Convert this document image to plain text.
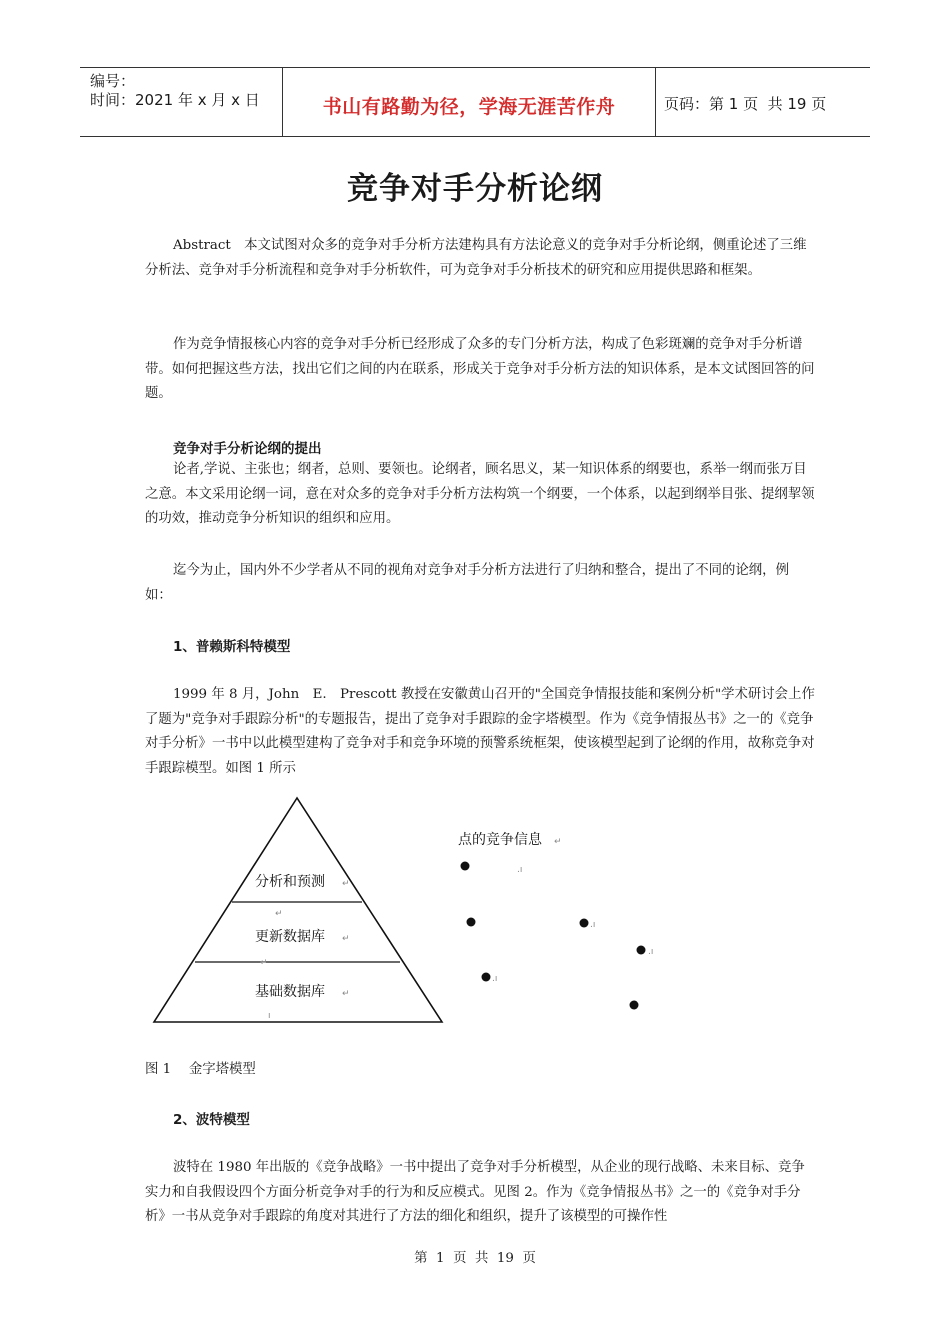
编号：
时间：2021 年 x 月 x 日	书山有路勤为径，学海无涯苦作舟	页码：第 1 页  共 19 页
竞争对手分析论纲
Abstract　本文试图对众多的竞争对手分析方法建构具有方法论意义的竞争对手分析论纲，侧重论述了三维分析法、竞争对手分析流程和竞争对手分析软件，可为竞争对手分析技术的研究和应用提供思路和框架。
作为竞争情报核心内容的竞争对手分析已经形成了众多的专门分析方法，构成了色彩斑斓的竞争对手分析谱带。如何把握这些方法，找出它们之间的内在联系，形成关于竞争对手分析方法的知识体系，是本文试图回答的问题。
竞争对手分析论纲的提出
论者,学说、主张也；纲者，总则、要领也。论纲者，顾名思义，某一知识体系的纲要也，系举一纲而张万目之意。本文采用论纲一词，意在对众多的竞争对手分析方法构筑一个纲要，一个体系，以起到纲举目张、提纲挈领的功效，推动竞争分析知识的组织和应用。
迄今为止，国内外不少学者从不同的视角对竞争对手分析方法进行了归纳和整合，提出了不同的论纲，例如：
1、普赖斯科特模型
1999 年 8 月，John　E.　Prescott 教授在安徽黄山召开的"全国竞争情报技能和案例分析"学术研讨会上作了题为"竞争对手跟踪分析"的专题报告，提出了竞争对手跟踪的金字塔模型。作为《竞争情报丛书》之一的《竞争对手分析》一书中以此模型建构了竞争对手和竞争环境的预警系统框架，使该模型起到了论纲的作用，故称竞争对手跟踪模型。如图 1 所示
分析和预测
更新数据库
基础数据库
↵
↵
↵
↵
↵
ı
点的竞争信息 ↵
.ı
.ı
.ı
.ı
图 1　 金字塔模型
2、波特模型
波特在 1980 年出版的《竞争战略》一书中提出了竞争对手分析模型，从企业的现行战略、未来目标、竞争实力和自我假设四个方面分析竞争对手的行为和反应模式。见图 2。作为《竞争情报丛书》之一的《竞争对手分析》一书从竞争对手跟踪的角度对其进行了方法的细化和组织，提升了该模型的可操作性
第  1  页  共  19  页
